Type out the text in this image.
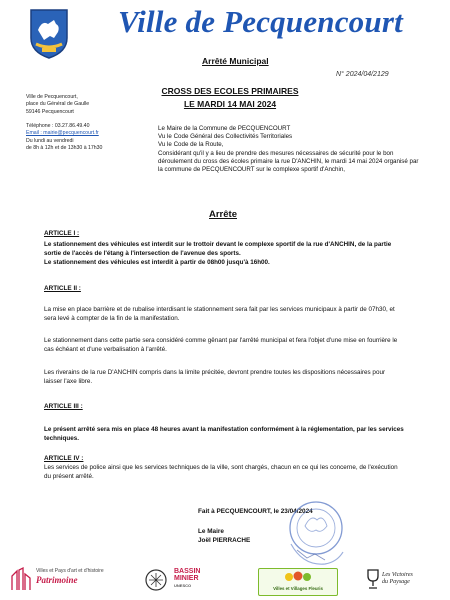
Ville de Pecquencourt
Arrêté Municipal
N° 2024/04/2129
CROSS DES ECOLES PRIMAIRES
LE MARDI 14 MAI 2024
Ville de Pecquencourt,
place du Général de Gaulle
59146 Pecquencourt

Téléphone : 03.27.86.49.40
Email : mairie@pecquencourt.fr
Du lundi au vendredi
de 8h à 12h et de 13h30 à 17h30
Le Maire de la Commune de PECQUENCOURT
Vu le Code Général des Collectivités Territoriales
Vu le Code de la Route,
Considérant qu'il y a lieu de prendre des mesures nécessaires de sécurité pour le bon déroulement du cross des écoles primaire la rue D'ANCHIN, le mardi 14 mai 2024 organisé par la commune de PECQUENCOURT sur le complexe sportif d'Anchin,
Arrête
ARTICLE I :
Le stationnement des véhicules est interdit sur le trottoir devant le complexe sportif de la rue d'ANCHIN, de la partie sortie de l'accès de l'étang à l'intersection de l'avenue des sports.
Le stationnement des véhicules est interdit à partir de 08h00 jusqu'à 16h00.
ARTICLE II :
La mise en place barrière et de rubalise interdisant le stationnement sera fait par les services municipaux à partir de 07h30, et sera levé à compter de la fin de la manifestation.
Le stationnement dans cette partie sera considéré comme gênant par l'arrêté municipal et fera l'objet d'une mise en fourrière le cas échéant et d'une verbalisation à l'arrêté.
Les riverains de la rue D'ANCHIN compris dans la limite précitée, devront prendre toutes les dispositions nécessaires pour laisser l'axe libre.
ARTICLE III :
Le présent arrêté sera mis en place 48 heures avant la manifestation conformément à la réglementation, par les services techniques.
ARTICLE IV :
Les services de police ainsi que les services techniques de la ville, sont chargés, chacun en ce qui les concerne, de l'exécution du présent arrêté.
Fait à PECQUENCOURT, le 23/04/2024
Le Maire
Joël PIERRACHE
Villes et Pays d'art et d'histoire
Patrimoine
BASSIN
MINIER
UNESCO
Villes et Villages Fleuris
Les Victoires
du Paysage
